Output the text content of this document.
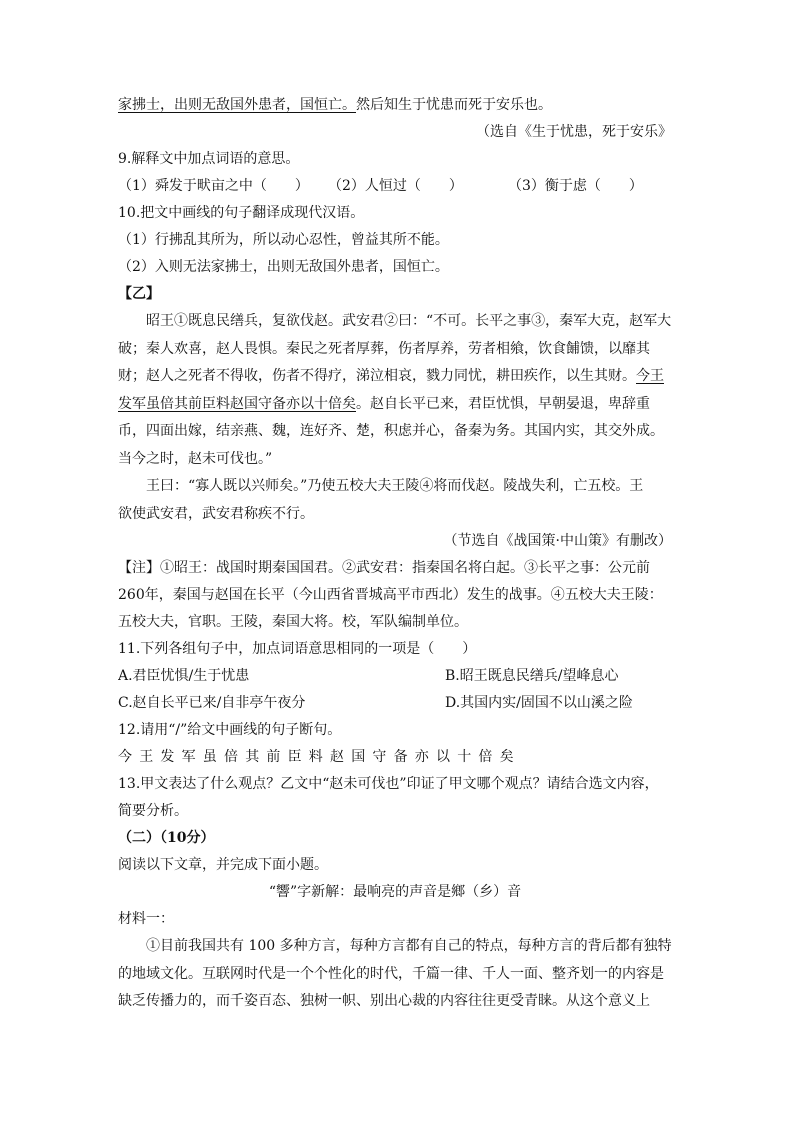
家拂士，出则无敌国外患者，国恒亡。然后知生于忧患而死于安乐也。
（选自《生于忧患，死于安乐》
9.解释文中加点词语的意思。
（1）舜发于畎亩之中（　　）	（2）人恒过（　　）	（3）衡于虑（　　）
10.把文中画线的句子翻译成现代汉语。
（1）行拂乱其所为，所以动心忍性，曾益其所不能。
（2）入则无法家拂士，出则无敌国外患者，国恒亡。
【乙】
昭王①既息民缮兵，复欲伐赵。武安君②曰：“不可。长平之事③，秦军大克，赵军大
破；秦人欢喜，赵人畏惧。秦民之死者厚葬，伤者厚养，劳者相飨，饮食餔馈，以靡其
财；赵人之死者不得收，伤者不得疗，涕泣相哀，戮力同忧，耕田疾作，以生其财。今王
发军虽倍其前臣料赵国守备亦以十倍矣。赵自长平已来，君臣忧惧，早朝晏退，卑辞重
币，四面出嫁，结亲燕、魏，连好齐、楚，积虑并心，备秦为务。其国内实，其交外成。
当今之时，赵未可伐也。”
王曰：“寡人既以兴师矣。”乃使五校大夫王陵④将而伐赵。陵战失利，亡五校。王
欲使武安君，武安君称疾不行。
（节选自《战国策·中山策》有删改）
【注】①昭王：战国时期秦国国君。②武安君：指秦国名将白起。③长平之事：公元前
260年，秦国与赵国在长平（今山西省晋城高平市西北）发生的战事。④五校大夫王陵：
五校大夫，官职。王陵，秦国大将。校，军队编制单位。
11.下列各组句子中，加点词语意思相同的一项是（　　）
A.君臣忧惧/生于忧患	B.昭王既息民缮兵/望峰息心
C.赵自长平已来/自非亭午夜分	D.其国内实/固国不以山溪之险
12.请用“/”给文中画线的句子断句。
今王发军虽倍其前臣料赵国守备亦以十倍矣
13.甲文表达了什么观点？乙文中“赵未可伐也”印证了甲文哪个观点？请结合选文内容，
简要分析。
（二）（10分）
阅读以下文章，并完成下面小题。
“響”字新解：最响亮的声音是鄉（乡）音
材料一：
①目前我国共有 100 多种方言，每种方言都有自己的特点，每种方言的背后都有独特
的地域文化。互联网时代是一个个性化的时代，千篇一律、千人一面、整齐划一的内容是
缺乏传播力的，而千姿百态、独树一帜、别出心裁的内容往往更受青睐。从这个意义上
